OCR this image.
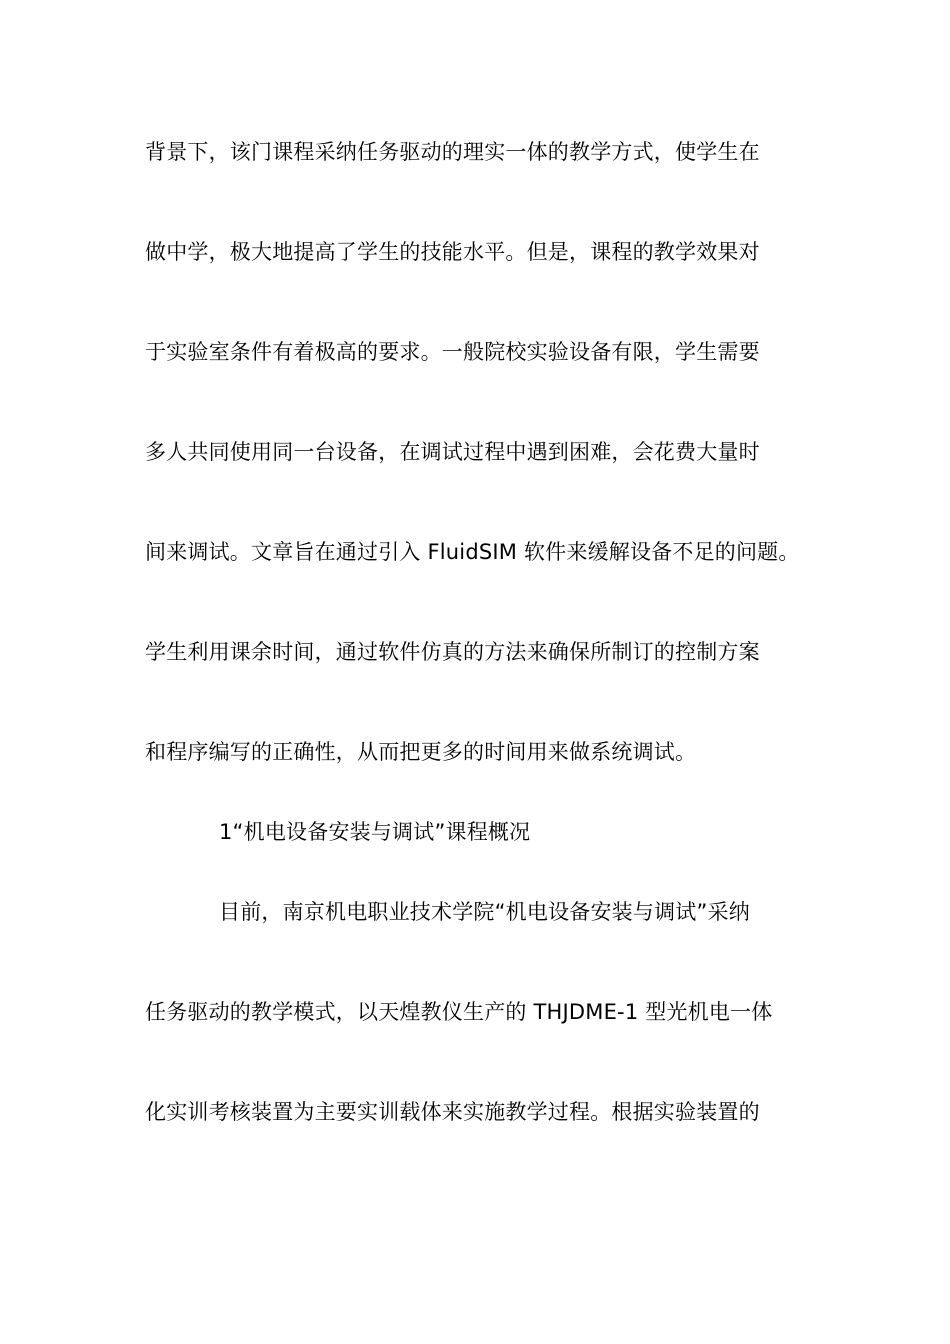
背景下，该门课程采纳任务驱动的理实一体的教学方式，使学生在
做中学，极大地提高了学生的技能水平。但是，课程的教学效果对
于实验室条件有着极高的要求。一般院校实验设备有限，学生需要
多人共同使用同一台设备，在调试过程中遇到困难，会花费大量时
间来调试。文章旨在通过引入 FluidSIM 软件来缓解设备不足的问题。
学生利用课余时间，通过软件仿真的方法来确保所制订的控制方案
和程序编写的正确性，从而把更多的时间用来做系统调试。
1“机电设备安装与调试”课程概况
目前，南京机电职业技术学院“机电设备安装与调试”采纳
任务驱动的教学模式，以天煌教仪生产的 THJDME-1 型光机电一体
化实训考核装置为主要实训载体来实施教学过程。根据实验装置的
